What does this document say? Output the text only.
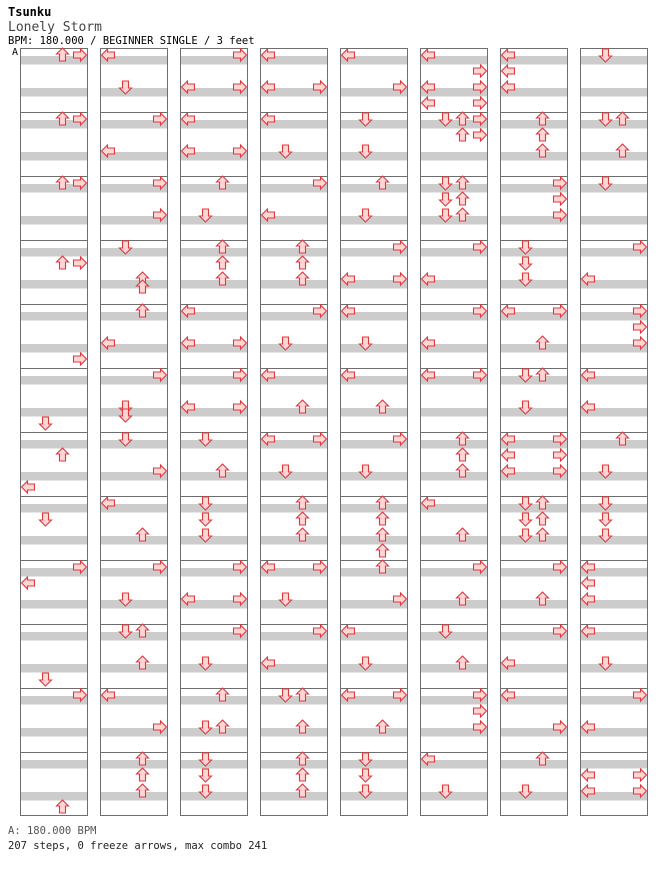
Tsunku
Lonely Storm
BPM: 180.000 / BEGINNER SINGLE / 3 feet
A
A: 180.000 BPM
207 steps, 0 freeze arrows, max combo 241
